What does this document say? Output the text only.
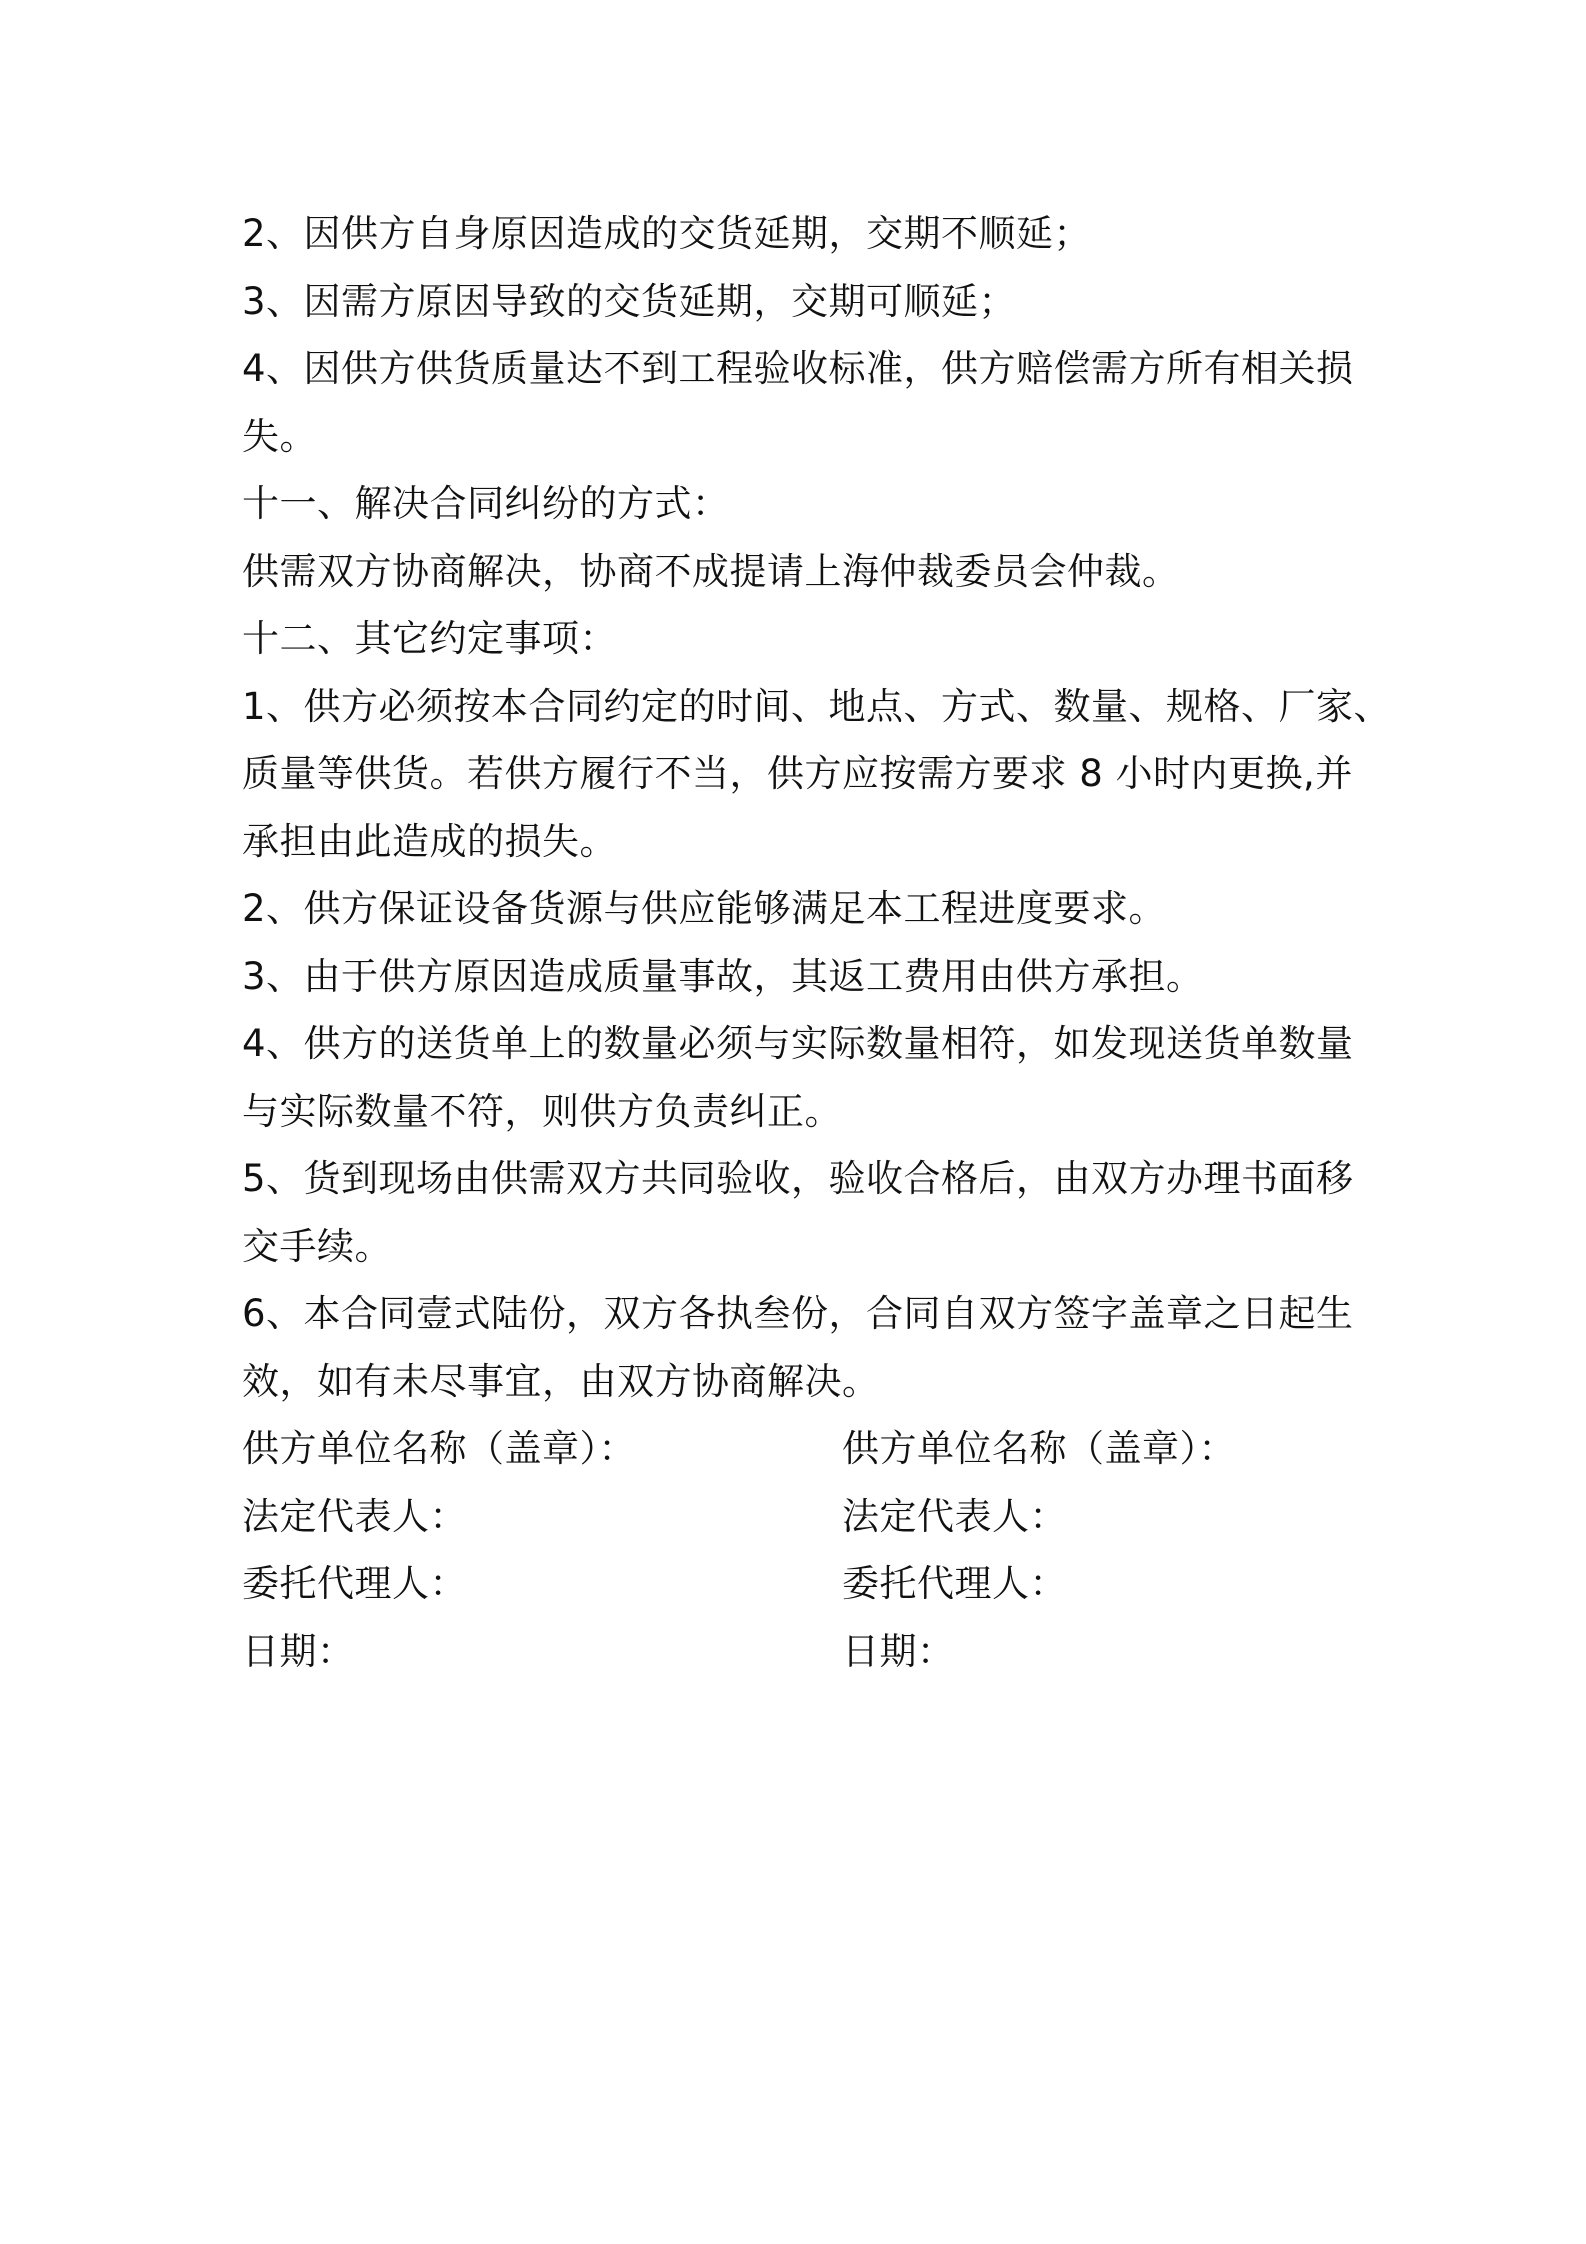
2、因供方自身原因造成的交货延期，交期不顺延；
3、因需方原因导致的交货延期，交期可顺延；
4、因供方供货质量达不到工程验收标准，供方赔偿需方所有相关损
失。
十一、解决合同纠纷的方式：
供需双方协商解决，协商不成提请上海仲裁委员会仲裁。
十二、其它约定事项：
1、供方必须按本合同约定的时间、地点、方式、数量、规格、厂家、
质量等供货。若供方履行不当，供方应按需方要求 8 小时内更换,并
承担由此造成的损失。
2、供方保证设备货源与供应能够满足本工程进度要求。
3、由于供方原因造成质量事故，其返工费用由供方承担。
4、供方的送货单上的数量必须与实际数量相符，如发现送货单数量
与实际数量不符，则供方负责纠正。
5、货到现场由供需双方共同验收，验收合格后，由双方办理书面移
交手续。
6、本合同壹式陆份，双方各执叁份，合同自双方签字盖章之日起生
效，如有未尽事宜，由双方协商解决。
供方单位名称（盖章）：	供方单位名称（盖章）：
法定代表人：	法定代表人：
委托代理人：	委托代理人：
日期：	日期：
